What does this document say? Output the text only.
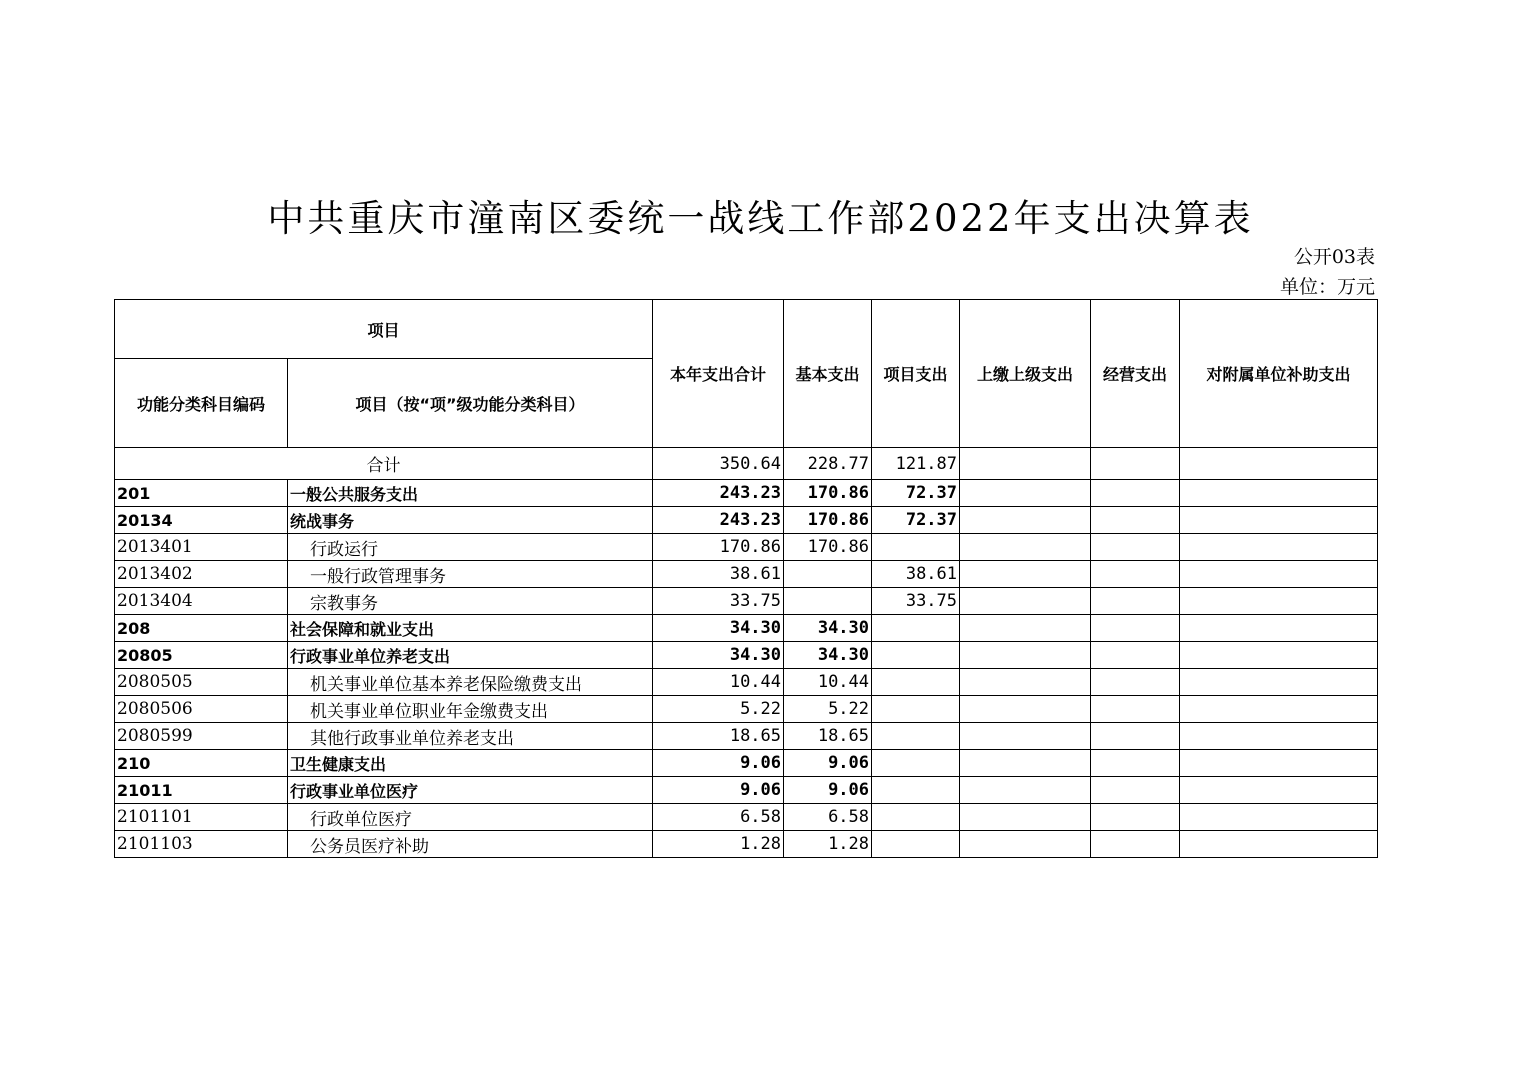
中共重庆市潼南区委统一战线工作部2022年支出决算表
公开03表
单位：万元
项目		本年支出合计	基本支出	项目支出	上缴上级支出	经营支出	对附属单位补助支出
功能分类科目编码	项目（按“项”级功能分类科目）						
合计		350.64	228.77	121.87			
201	一般公共服务支出	243.23	170.86	72.37			
20134	统战事务	243.23	170.86	72.37			
2013401	行政运行	170.86	170.86				
2013402	一般行政管理事务	38.61		38.61			
2013404	宗教事务	33.75		33.75			
208	社会保障和就业支出	34.30	34.30				
20805	行政事业单位养老支出	34.30	34.30				
2080505	机关事业单位基本养老保险缴费支出	10.44	10.44				
2080506	机关事业单位职业年金缴费支出	5.22	5.22				
2080599	其他行政事业单位养老支出	18.65	18.65				
210	卫生健康支出	9.06	9.06				
21011	行政事业单位医疗	9.06	9.06				
2101101	行政单位医疗	6.58	6.58				
2101103	公务员医疗补助	1.28	1.28				
